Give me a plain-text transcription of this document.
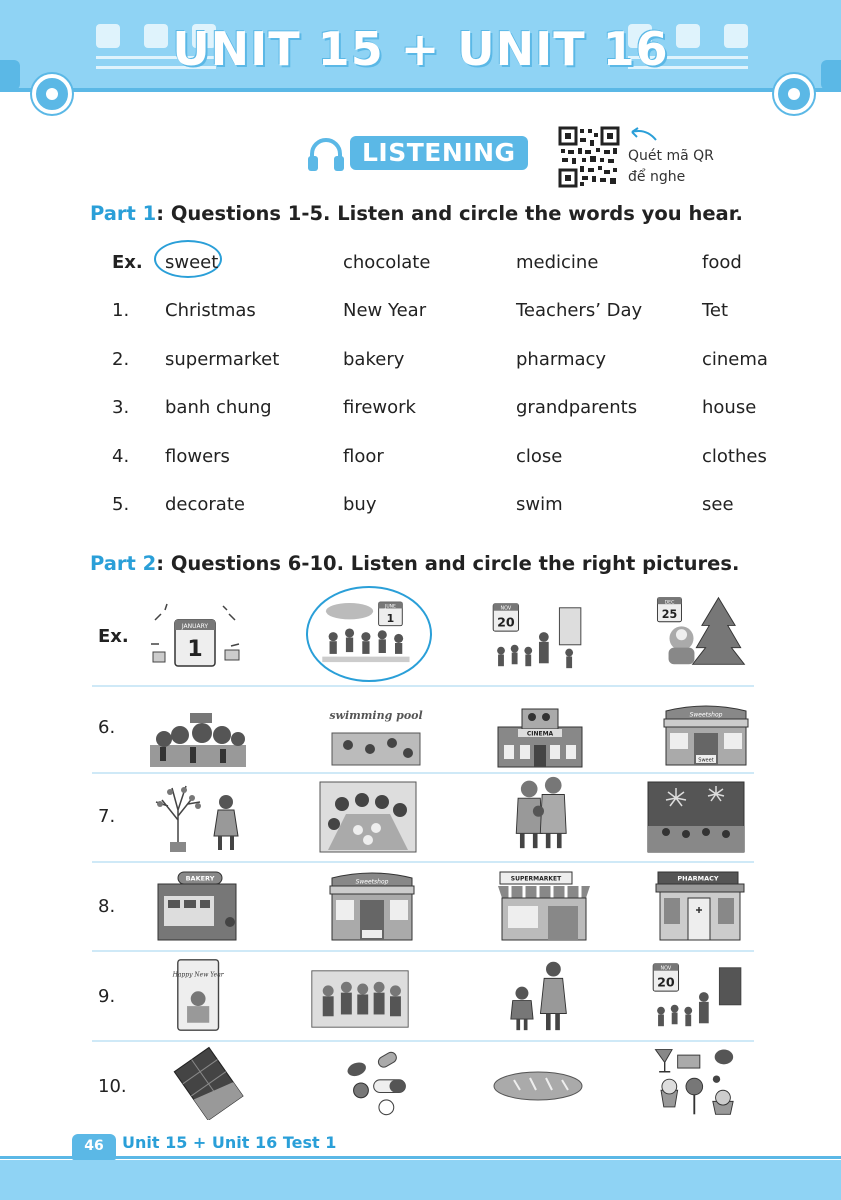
UNIT 15 + UNIT 16
LISTENING	Quét mã QR
để nghe
Part 1: Questions 1-5. Listen and circle the words you hear.
Ex. sweet	chocolate	medicine	food
1. Christmas	New Year	Teachers’ Day	Tet
2. supermarket	bakery	pharmacy	cinema
3. banh chung	firework	grandparents	house
4. flowers	floor	close	clothes
5. decorate	buy	swim	see
Part 2: Questions 6-10. Listen and circle the right pictures.
Ex.	JANUARY
1
JUNE
1
NOV
20
DEC
25
6.
swimming pool
CINEMA
Sweetshop
Sweet
7.
8.
BAKERY	Sweetshop	SUPERMARKET	PHARMACY
9.
Happy New Year
NOV
20
10.
46	Unit 15 + Unit 16 Test 1
